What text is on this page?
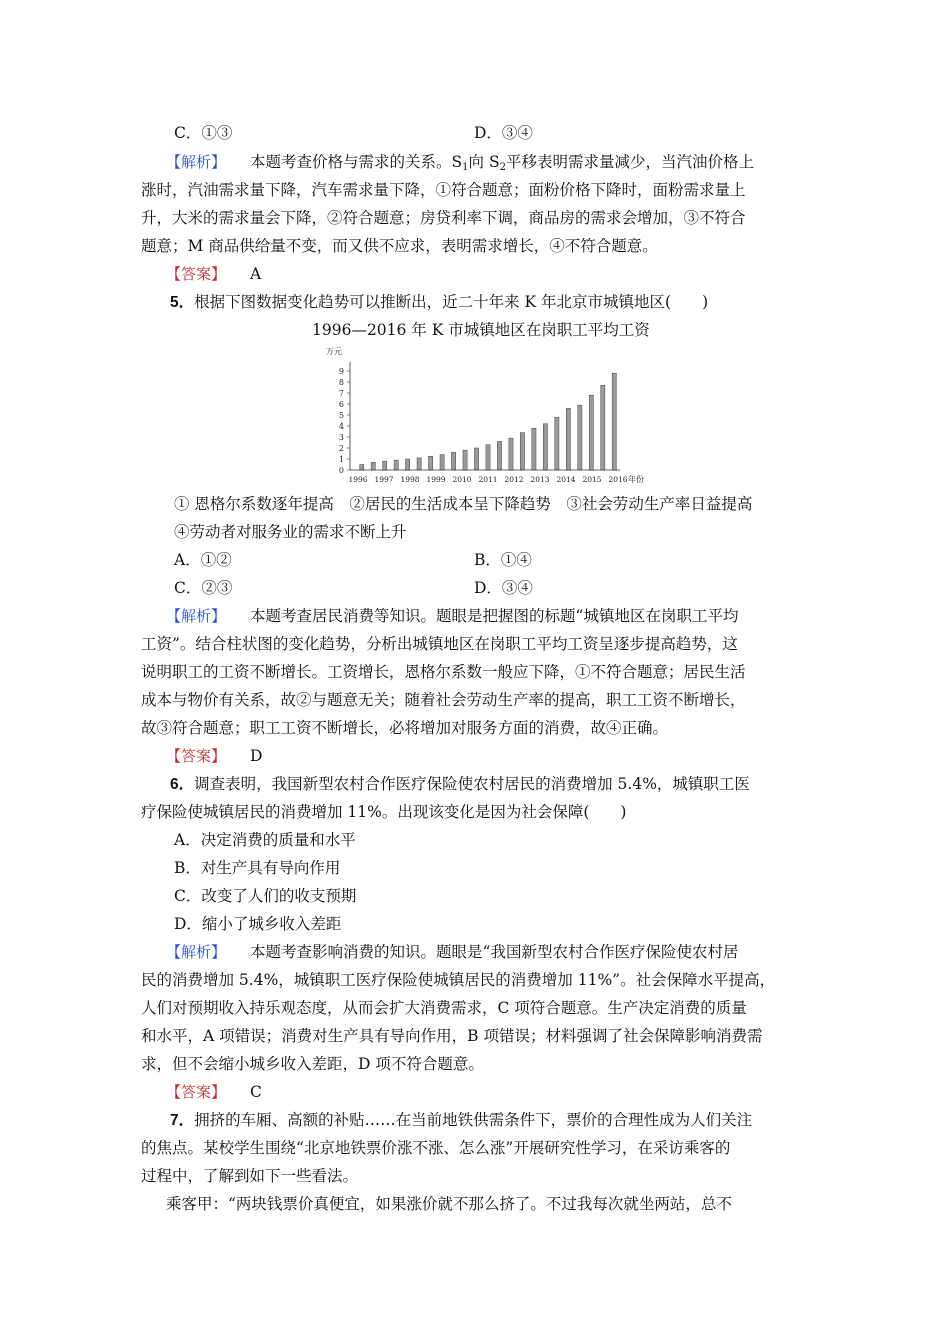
C．①③	D．③④
【解析】 本题考查价格与需求的关系。$S_1$向 $S_2$平移表明需求量减少，当汽油价格上
涨时，汽油需求量下降，汽车需求量下降，①符合题意；面粉价格下降时，面粉需求量上
升，大米的需求量会下降，②符合题意；房贷利率下调，商品房的需求会增加，③不符合
题意；M 商品供给量不变，而又供不应求，表明需求增长，④不符合题意。
【答案】 A
5．根据下图数据变化趋势可以推断出，近二十年来 K 年北京市城镇地区(　　)
1996—2016 年 K 市城镇地区在岗职工平均工资
0
1
2
3
4
5
6
7
8
9
1996 1997 1998 1999 2010 2011 2012 2013 2014 2015 2016
万元
年份
① 恩格尔系数逐年提高　②居民的生活成本呈下降趋势　③社会劳动生产率日益提高
④劳动者对服务业的需求不断上升
A．①②	B．①④
C．②③	D．③④
【解析】 本题考查居民消费等知识。题眼是把握图的标题“城镇地区在岗职工平均
工资”。结合柱状图的变化趋势，分析出城镇地区在岗职工平均工资呈逐步提高趋势，这
说明职工的工资不断增长。工资增长，恩格尔系数一般应下降，①不符合题意；居民生活
成本与物价有关系，故②与题意无关；随着社会劳动生产率的提高，职工工资不断增长，
故③符合题意；职工工资不断增长，必将增加对服务方面的消费，故④正确。
【答案】 D
6．调查表明，我国新型农村合作医疗保险使农村居民的消费增加 5.4%，城镇职工医
疗保险使城镇居民的消费增加 11%。出现该变化是因为社会保障(　　)
A．决定消费的质量和水平
B．对生产具有导向作用
C．改变了人们的收支预期
D．缩小了城乡收入差距
【解析】 本题考查影响消费的知识。题眼是“我国新型农村合作医疗保险使农村居
民的消费增加 5.4%，城镇职工医疗保险使城镇居民的消费增加 11%”。社会保障水平提高，
人们对预期收入持乐观态度，从而会扩大消费需求，C 项符合题意。生产决定消费的质量
和水平，A 项错误；消费对生产具有导向作用，B 项错误；材料强调了社会保障影响消费需
求，但不会缩小城乡收入差距，D 项不符合题意。
【答案】 C
7．拥挤的车厢、高额的补贴……在当前地铁供需条件下，票价的合理性成为人们关注
的焦点。某校学生围绕“北京地铁票价涨不涨、怎么涨”开展研究性学习，在采访乘客的
过程中，了解到如下一些看法。
乘客甲：“两块钱票价真便宜，如果涨价就不那么挤了。不过我每次就坐两站，总不
